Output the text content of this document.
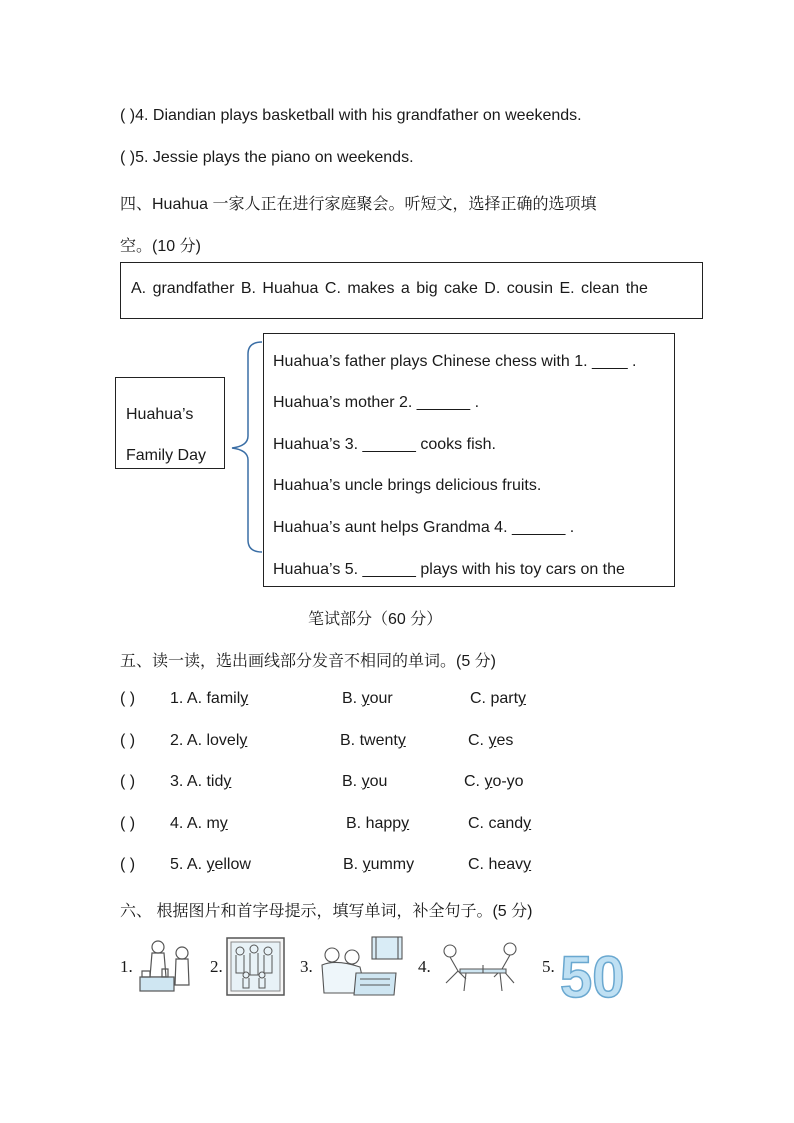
( )4. Diandian plays basketball with his grandfather on weekends.
( )5. Jessie plays the piano on weekends.
四、Huahua 一家人正在进行家庭聚会。听短文，选择正确的选项填
空。(10 分)
A. grandfather B. Huahua C. makes a big cake D. cousin E. clean the
Huahua’s
Family Day
Huahua’s father plays Chinese chess with 1. ____ .
Huahua’s mother 2. ______ .
Huahua’s 3. ______ cooks fish.
Huahua’s uncle brings delicious fruits.
Huahua’s aunt helps Grandma 4. ______ .
Huahua’s 5. ______ plays with his toy cars on the
笔试部分（60 分）
五、读一读，选出画线部分发音不相同的单词。(5 分)
( ) 1. A. family	B. your	C. party
( ) 2. A. lovely	B. twenty	C. yes
( ) 3. A. tidy	B. you	C. yo-yo
( ) 4. A. my	B. happy	C. candy
( ) 5. A. yellow	B. yummy	C. heavy
六、 根据图片和首字母提示，填写单词，补全句子。(5 分)
1.	2.	3.	4.	5. 50
